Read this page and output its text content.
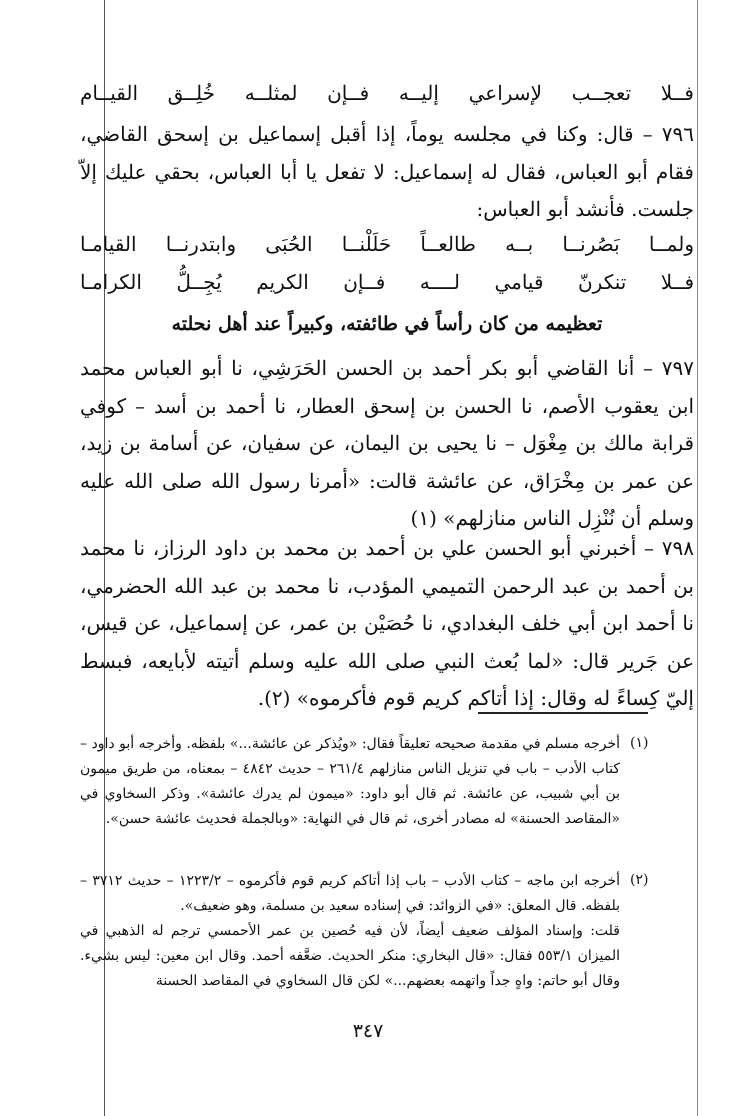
فــلا تعجــب لإسراعي إليــه فــإن لمثلــه خُلِــق القيــام

٧٩٦ – قال: وكنا في مجلسه يوماً، إذا أقبل إسماعيل بن إسحق القاضي، فقام أبو العباس، فقال له إسماعيل: لا تفعل يا أبا العباس، بحقي عليك إلاّ جلست. فأنشد أبو العباس:

ولمــا بَصُرنــا بــه طالعــاً حَلَلْنــا الحُبَى وابتدرنــا القيامـا
فــلا تنكرنّ قيامي لــــه فــإن الكريم يُجِــلُّ الكرامـا
تعظيمه من كان رأساً في طائفته، وكبيراً عند أهل نحلته

٧٩٧ – أنا القاضي أبو بكر أحمد بن الحسن الحَرَشِي، نا أبو العباس محمد ابن يعقوب الأصم، نا الحسن بن إسحق العطار، نا أحمد بن أسد – كوفي قرابة مالك بن مِغْوَل – نا يحيى بن اليمان، عن سفيان، عن أسامة بن زيد، عن عمر بن مِخْرَاق، عن عائشة قالت: «أمرنا رسول الله صلى الله عليه وسلم أن نُنْزِل الناس منازلهم» (١)

٧٩٨ – أخبرني أبو الحسن علي بن أحمد بن محمد بن داود الرزاز، نا محمد بن أحمد بن عبد الرحمن التميمي المؤدب، نا محمد بن عبد الله الحضرمي، نا أحمد ابن أبي خلف البغدادي، نا حُصَيْن بن عمر، عن إسماعيل، عن قيس، عن جَرير قال: «لما بُعث النبي صلى الله عليه وسلم أتيته لأبايعه، فبسط إليّ كِساءً له وقال: إذا أتاكم كريم قوم فأكرموه» (٢).

(١)
أخرجه مسلم في مقدمة صحيحه تعليقاً فقال: «ويُذكر عن عائشة...» بلفظه. وأخرجه أبو داود – كتاب الأدب – باب في تنزيل الناس منازلهم ٢٦١/٤ – حديث ٤٨٤٢ – بمعناه، من طريق ميمون بن أبي شبيب، عن عائشة. ثم قال أبو داود: «ميمون لم يدرك عائشة». وذكر السخاوي في «المقاصد الحسنة» له مصادر أخرى، ثم قال في النهاية: «وبالجملة فحديث عائشة حسن».
(٢)

أخرجه ابن ماجه – كتاب الأدب – باب إذا أتاكم كريم قوم فأكرموه – ١٢٢٣/٢ – حديث ٣٧١٢ – بلفظه. قال المعلق: «في الزوائد: في إسناده سعيد بن مسلمة، وهو ضعيف».

قلت: وإسناد المؤلف ضعيف أيضاً، لأن فيه حُصين بن عمر الأحمسي ترجم له الذهبي في الميزان ٥٥٣/١ فقال: «قال البخاري: منكر الحديث. ضعَّفه أحمد. وقال ابن معين: ليس بشيء. وقال أبو حاتم: واهٍ جداً واتهمه بعضهم...» لكن قال السخاوي في المقاصد الحسنة

٣٤٧
